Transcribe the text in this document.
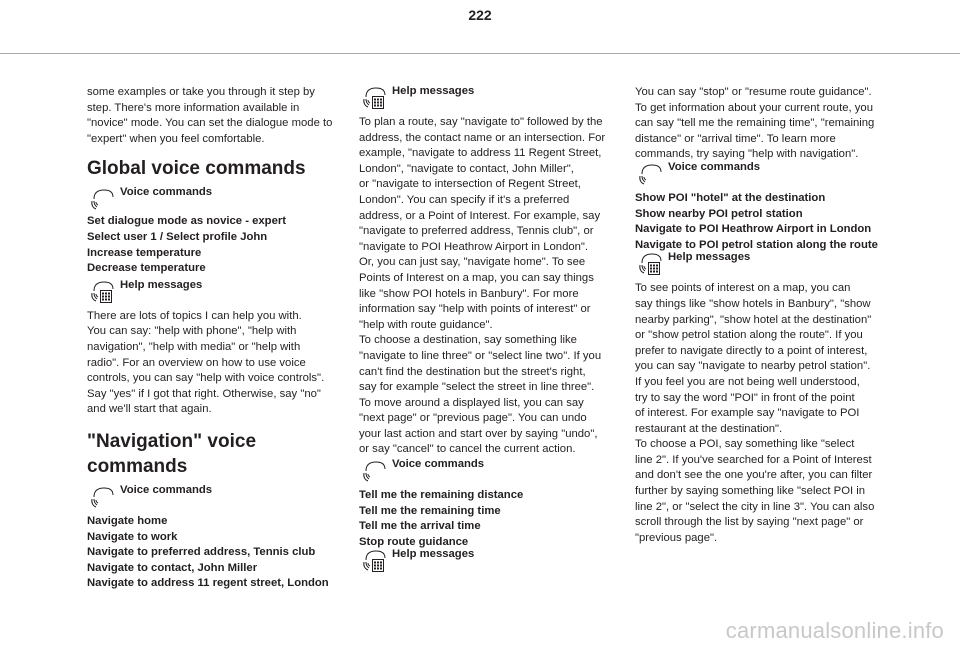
222

some examples or take you through it step by
step. There's more information available in
"novice" mode. You can set the dialogue mode to
"expert" when you feel comfortable.

Global voice commands
Voice commands
Set dialogue mode as novice - expert
Select user 1 / Select profile John
Increase temperature
Decrease temperature
Help messages

There are lots of topics I can help you with.
You can say: "help with phone", "help with
navigation", "help with media" or "help with
radio". For an overview on how to use voice
controls, you can say "help with voice controls".
Say "yes" if I got that right. Otherwise, say "no"
and we'll start that again.

"Navigation" voice
commands
Voice commands
Navigate home
Navigate to work
Navigate to preferred address, Tennis club
Navigate to contact, John Miller
Navigate to address 11 regent street, London
Help messages

To plan a route, say "navigate to" followed by the
address, the contact name or an intersection. For
example, "navigate to address 11 Regent Street,
London", "navigate to contact, John Miller",
or "navigate to intersection of Regent Street,
London". You can specify if it's a preferred
address, or a Point of Interest. For example, say
"navigate to preferred address, Tennis club", or
"navigate to POI Heathrow Airport in London".
Or, you can just say, "navigate home". To see
Points of Interest on a map, you can say things
like "show POI hotels in Banbury". For more
information say "help with points of interest" or
"help with route guidance".
To choose a destination, say something like
"navigate to line three" or "select line two". If you
can't find the destination but the street's right,
say for example "select the street in line three".
To move around a displayed list, you can say
"next page" or "previous page". You can undo
your last action and start over by saying "undo",
or say "cancel" to cancel the current action.

Voice commands
Tell me the remaining distance
Tell me the remaining time
Tell me the arrival time
Stop route guidance
Help messages

You can say "stop" or "resume route guidance".
To get information about your current route, you
can say "tell me the remaining time", "remaining
distance" or "arrival time". To learn more
commands, try saying "help with navigation".

Voice commands
Show POI "hotel" at the destination
Show nearby POI petrol station
Navigate to POI Heathrow Airport in London
Navigate to POI petrol station along the route
Help messages

To see points of interest on a map, you can
say things like "show hotels in Banbury", "show
nearby parking", "show hotel at the destination"
or "show petrol station along the route". If you
prefer to navigate directly to a point of interest,
you can say "navigate to nearby petrol station".
If you feel you are not being well understood,
try to say the word "POI" in front of the point
of interest. For example say "navigate to POI
restaurant at the destination".
To choose a POI, say something like "select
line 2". If you've searched for a Point of Interest
and don't see the one you're after, you can filter
further by saying something like "select POI in
line 2", or "select the city in line 3". You can also
scroll through the list by saying "next page" or
"previous page".

carmanualsonline.info
